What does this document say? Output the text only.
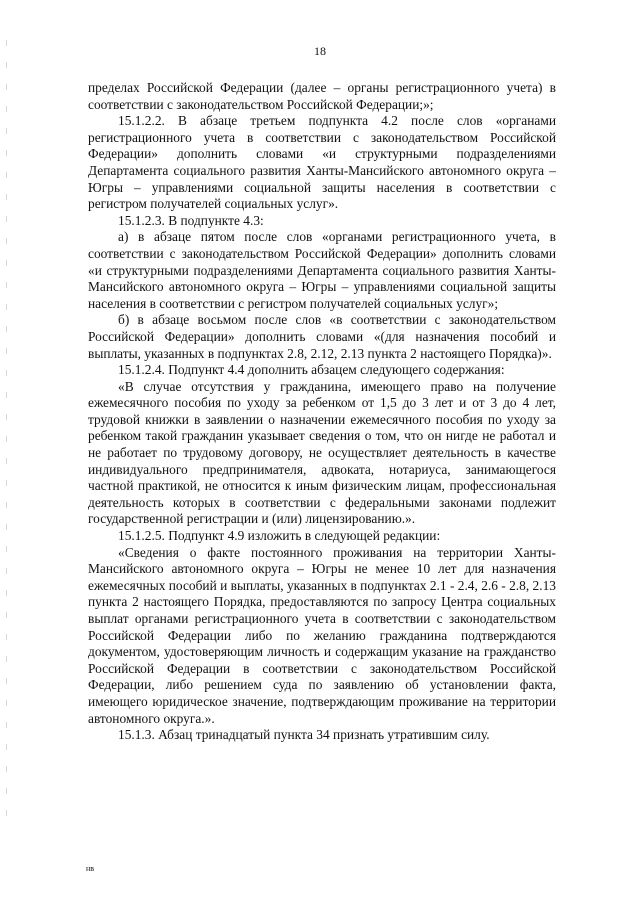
18

пределах Российской Федерации (далее – органы регистрационного учета) в соответствии с законодательством Российской Федерации;»;

15.1.2.2. В абзаце третьем подпункта 4.2 после слов «органами регистрационного учета в соответствии с законодательством Российской Федерации» дополнить словами «и структурными подразделениями Департамента социального развития Ханты-Мансийского автономного округа – Югры – управлениями социальной защиты населения в соответствии с регистром получателей социальных услуг».

15.1.2.3. В подпункте 4.3:

а) в абзаце пятом после слов «органами регистрационного учета, в соответствии с законодательством Российской Федерации» дополнить словами «и структурными подразделениями Департамента социального развития Ханты-Мансийского автономного округа – Югры – управлениями социальной защиты населения в соответствии с регистром получателей социальных услуг»;

б) в абзаце восьмом после слов «в соответствии с законодательством Российской Федерации» дополнить словами «(для назначения пособий и выплаты, указанных в подпунктах 2.8, 2.12, 2.13 пункта 2 настоящего Порядка)».

15.1.2.4. Подпункт 4.4 дополнить абзацем следующего содержания:

«В случае отсутствия у гражданина, имеющего право на получение ежемесячного пособия по уходу за ребенком от 1,5 до 3 лет и от 3 до 4 лет, трудовой книжки в заявлении о назначении ежемесячного пособия по уходу за ребенком такой гражданин указывает сведения о том, что он нигде не работал и не работает по трудовому договору, не осуществляет деятельность в качестве индивидуального предпринимателя, адвоката, нотариуса, занимающегося частной практикой, не относится к иным физическим лицам, профессиональная деятельность которых в соответствии с федеральными законами подлежит государственной регистрации и (или) лицензированию.».

15.1.2.5. Подпункт 4.9 изложить в следующей редакции:

«Сведения о факте постоянного проживания на территории Ханты-Мансийского автономного округа – Югры не менее 10 лет для назначения ежемесячных пособий и выплаты, указанных в подпунктах 2.1 - 2.4, 2.6 - 2.8, 2.13 пункта 2 настоящего Порядка, предоставляются по запросу Центра социальных выплат органами регистрационного учета в соответствии с законодательством Российской Федерации либо по желанию гражданина подтверждаются документом, удостоверяющим личность и содержащим указание на гражданство Российской Федерации в соответствии с законодательством Российской Федерации, либо решением суда по заявлению об установлении факта, имеющего юридическое значение, подтверждающим проживание на территории автономного округа.».

15.1.3. Абзац тринадцатый пункта 34 признать утратившим силу.

нв
